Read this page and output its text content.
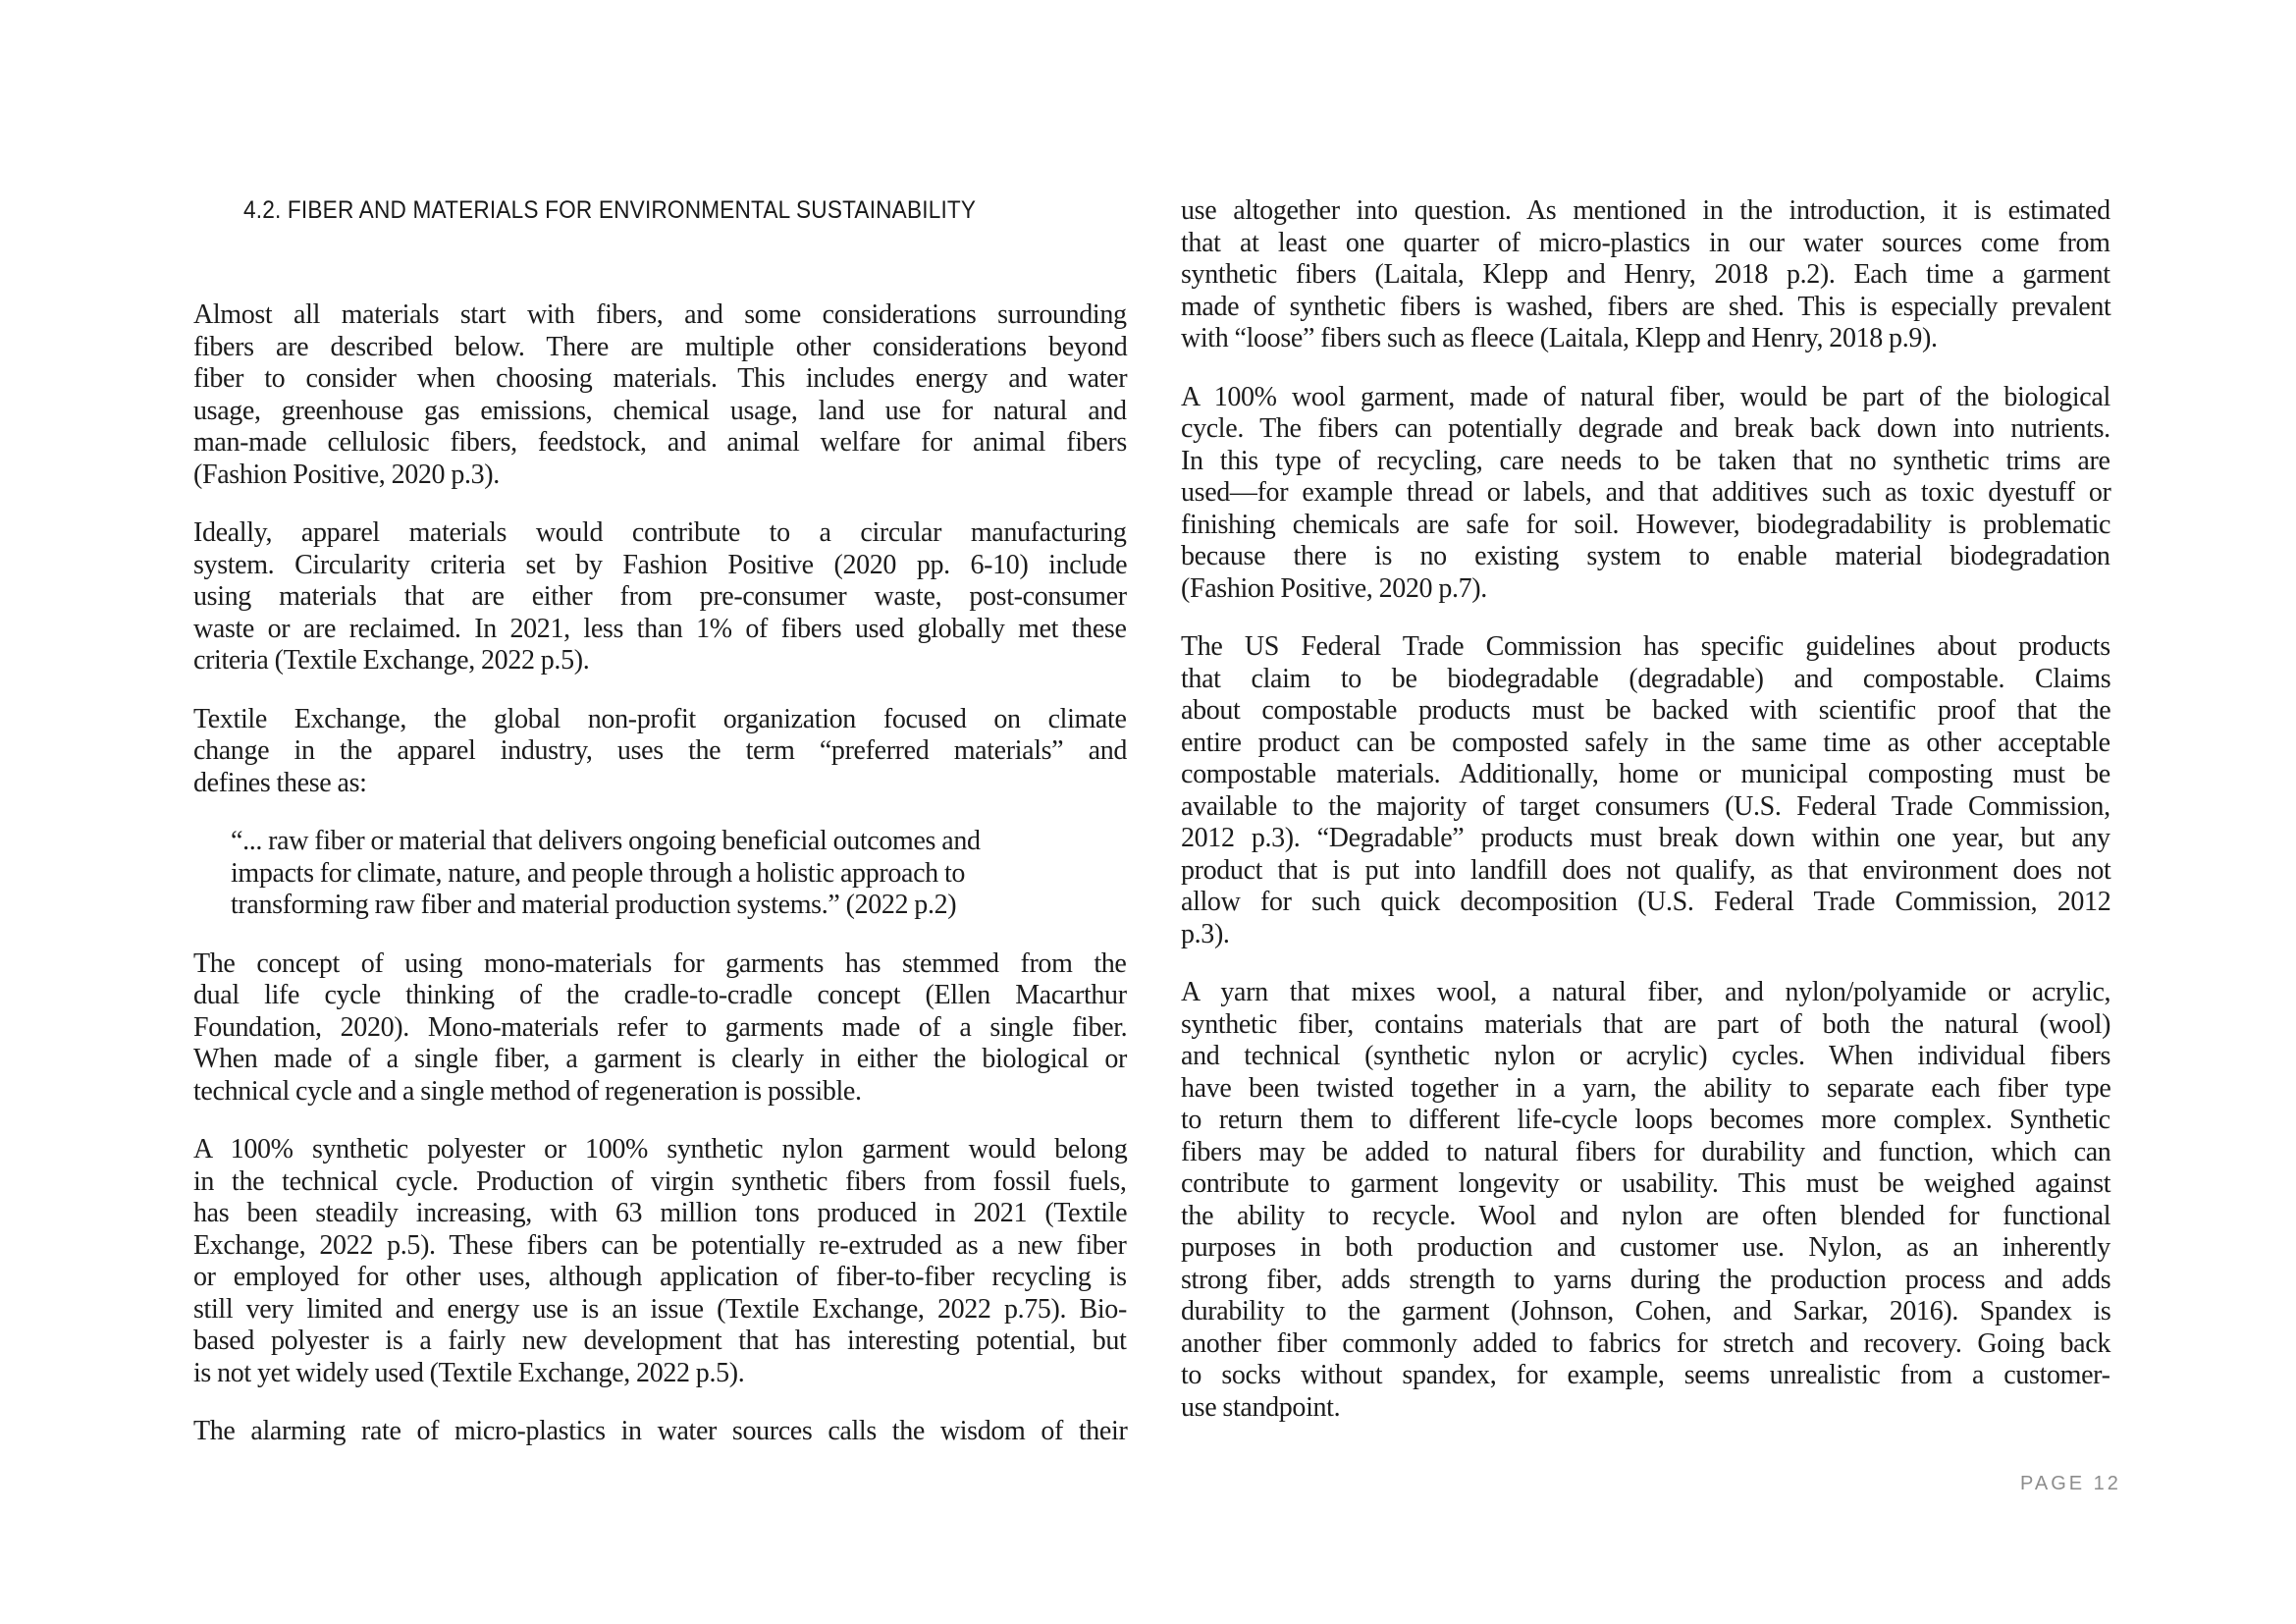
4.2. FIBER AND MATERIALS FOR ENVIRONMENTAL SUSTAINABILITY
Almost all materials start with fibers, and some considerations surrounding
fibers are described below. There are multiple other considerations beyond
fiber to consider when choosing materials. This includes energy and water
usage, greenhouse gas emissions, chemical usage, land use for natural and
man-made cellulosic fibers, feedstock, and animal welfare for animal fibers
(Fashion Positive, 2020 p.3).
Ideally, apparel materials would contribute to a circular manufacturing
system. Circularity criteria set by Fashion Positive (2020 pp. 6-10) include
using materials that are either from pre-consumer waste, post-consumer
waste or are reclaimed. In 2021, less than 1% of fibers used globally met these
criteria (Textile Exchange, 2022 p.5).
Textile Exchange, the global non-profit organization focused on climate
change in the apparel industry, uses the term “preferred materials” and
defines these as:
“... raw fiber or material that delivers ongoing beneficial outcomes and
impacts for climate, nature, and people through a holistic approach to
transforming raw fiber and material production systems.” (2022 p.2)
The concept of using mono-materials for garments has stemmed from the
dual life cycle thinking of the cradle-to-cradle concept (Ellen Macarthur
Foundation, 2020). Mono-materials refer to garments made of a single fiber.
When made of a single fiber, a garment is clearly in either the biological or
technical cycle and a single method of regeneration is possible.
A 100% synthetic polyester or 100% synthetic nylon garment would belong
in the technical cycle. Production of virgin synthetic fibers from fossil fuels,
has been steadily increasing, with 63 million tons produced in 2021 (Textile
Exchange, 2022 p.5). These fibers can be potentially re-extruded as a new fiber
or employed for other uses, although application of fiber-to-fiber recycling is
still very limited and energy use is an issue (Textile Exchange, 2022 p.75). Bio-
based polyester is a fairly new development that has interesting potential, but
is not yet widely used (Textile Exchange, 2022 p.5).
The alarming rate of micro-plastics in water sources calls the wisdom of their
use altogether into question. As mentioned in the introduction, it is estimated
that at least one quarter of micro-plastics in our water sources come from
synthetic fibers (Laitala, Klepp and Henry, 2018 p.2). Each time a garment
made of synthetic fibers is washed, fibers are shed. This is especially prevalent
with “loose” fibers such as fleece (Laitala, Klepp and Henry, 2018 p.9).
A 100% wool garment, made of natural fiber, would be part of the biological
cycle. The fibers can potentially degrade and break back down into nutrients.
In this type of recycling, care needs to be taken that no synthetic trims are
used—for example thread or labels, and that additives such as toxic dyestuff or
finishing chemicals are safe for soil. However, biodegradability is problematic
because there is no existing system to enable material biodegradation
(Fashion Positive, 2020 p.7).
The US Federal Trade Commission has specific guidelines about products
that claim to be biodegradable (degradable) and compostable. Claims
about compostable products must be backed with scientific proof that the
entire product can be composted safely in the same time as other acceptable
compostable materials. Additionally, home or municipal composting must be
available to the majority of target consumers (U.S. Federal Trade Commission,
2012 p.3). “Degradable” products must break down within one year, but any
product that is put into landfill does not qualify, as that environment does not
allow for such quick decomposition (U.S. Federal Trade Commission, 2012
p.3).
A yarn that mixes wool, a natural fiber, and nylon/polyamide or acrylic,
synthetic fiber, contains materials that are part of both the natural (wool)
and technical (synthetic nylon or acrylic) cycles. When individual fibers
have been twisted together in a yarn, the ability to separate each fiber type
to return them to different life-cycle loops becomes more complex. Synthetic
fibers may be added to natural fibers for durability and function, which can
contribute to garment longevity or usability. This must be weighed against
the ability to recycle. Wool and nylon are often blended for functional
purposes in both production and customer use. Nylon, as an inherently
strong fiber, adds strength to yarns during the production process and adds
durability to the garment (Johnson, Cohen, and Sarkar, 2016). Spandex is
another fiber commonly added to fabrics for stretch and recovery. Going back
to socks without spandex, for example, seems unrealistic from a customer-
use standpoint.
PAGE 12
